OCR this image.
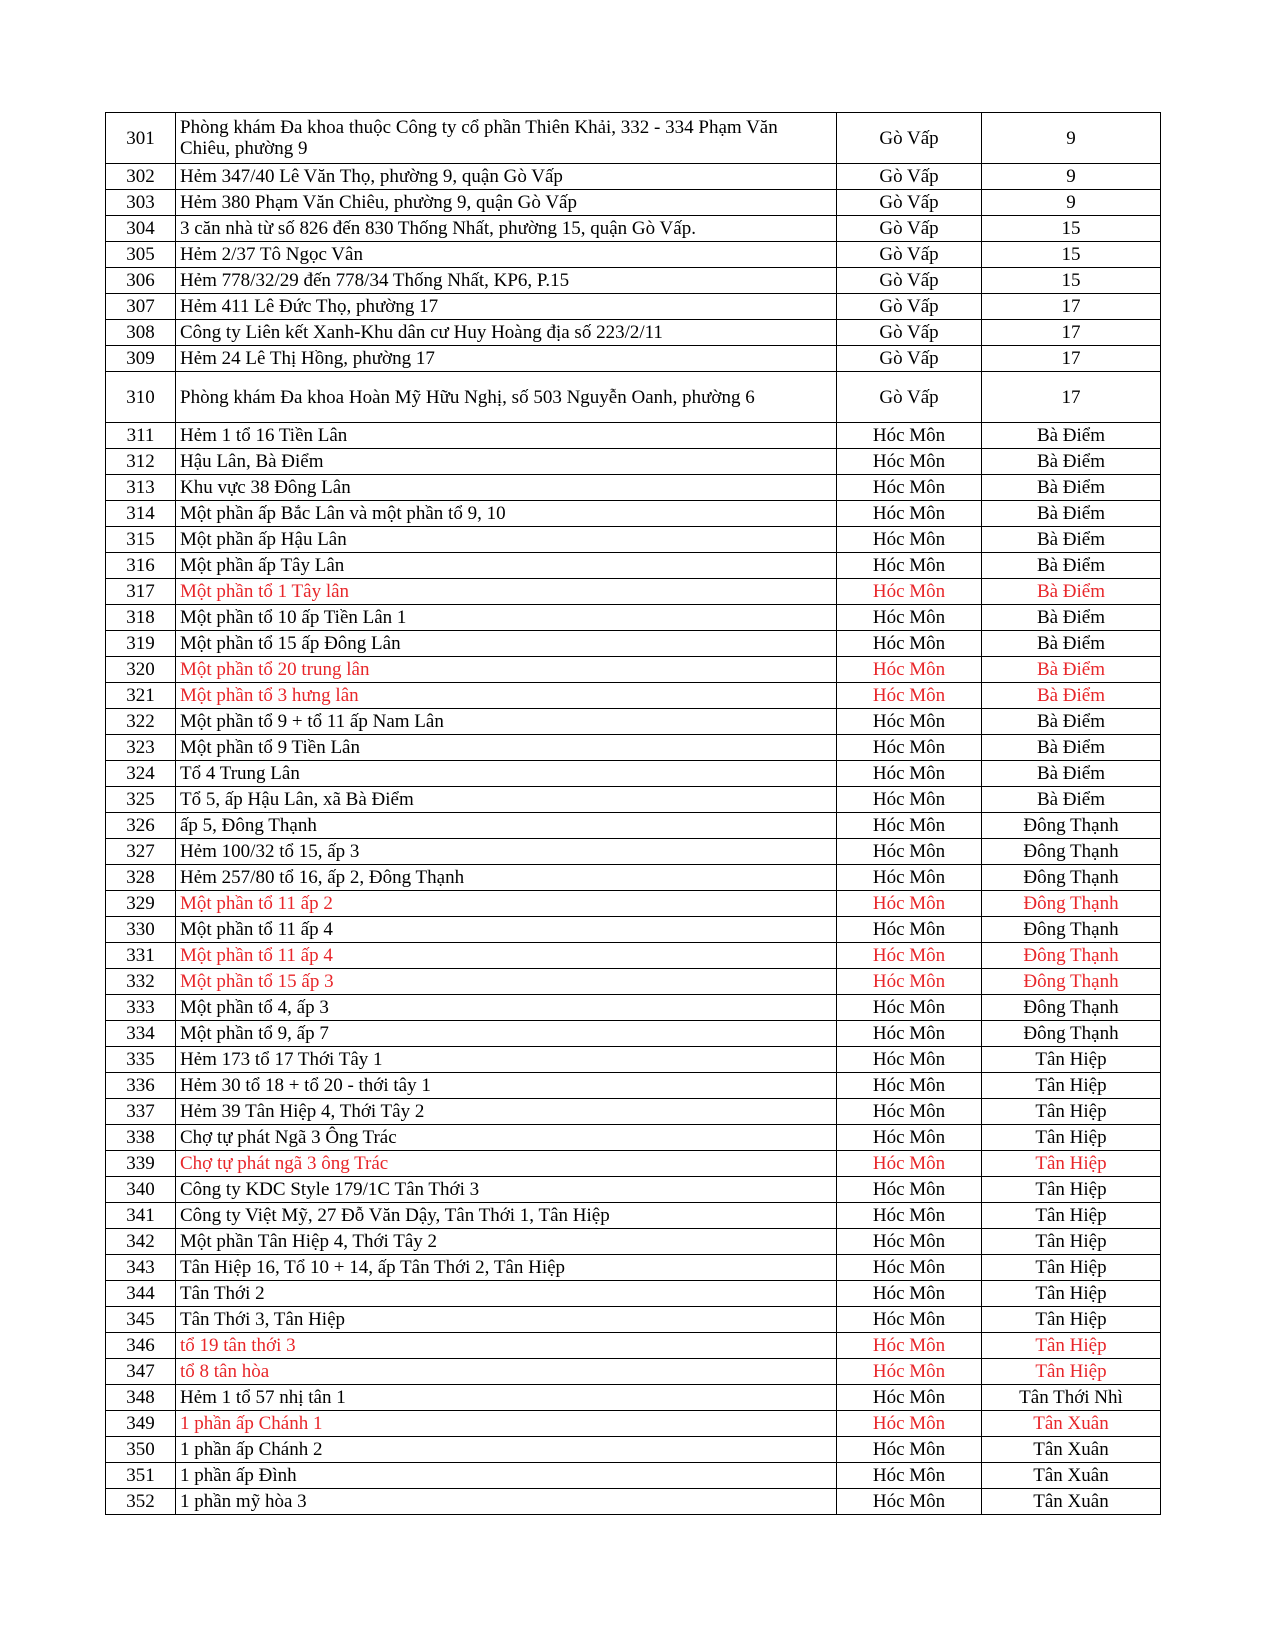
301	Phòng khám Đa khoa thuộc Công ty cổ phần Thiên Khải, 332 - 334 Phạm Văn Chiêu, phường 9	Gò Vấp	9
302	Hẻm 347/40 Lê Văn Thọ, phường 9, quận Gò Vấp	Gò Vấp	9
303	Hẻm 380 Phạm Văn Chiêu, phường 9, quận Gò Vấp	Gò Vấp	9
304	3 căn nhà từ số 826 đến 830 Thống Nhất, phường 15, quận Gò Vấp.	Gò Vấp	15
305	Hẻm 2/37 Tô Ngọc Vân	Gò Vấp	15
306	Hẻm 778/32/29 đến 778/34 Thống Nhất, KP6, P.15	Gò Vấp	15
307	Hẻm 411 Lê Đức Thọ, phường 17	Gò Vấp	17
308	Công ty Liên kết Xanh-Khu dân cư Huy Hoàng địa số 223/2/11	Gò Vấp	17
309	Hẻm 24 Lê Thị Hồng, phường 17	Gò Vấp	17
310	Phòng khám Đa khoa Hoàn Mỹ Hữu Nghị, số 503 Nguyễn Oanh, phường 6	Gò Vấp	17
311	Hẻm 1 tổ 16 Tiền Lân	Hóc Môn	Bà Điểm
312	Hậu Lân, Bà Điểm	Hóc Môn	Bà Điểm
313	Khu vực 38 Đông Lân	Hóc Môn	Bà Điểm
314	Một phần ấp Bắc Lân và một phần tổ 9, 10	Hóc Môn	Bà Điểm
315	Một phần ấp Hậu Lân	Hóc Môn	Bà Điểm
316	Một phần ấp Tây Lân	Hóc Môn	Bà Điểm
317	Một phần tổ 1 Tây lân	Hóc Môn	Bà Điểm
318	Một phần tổ 10 ấp Tiền Lân 1	Hóc Môn	Bà Điểm
319	Một phần tổ 15 ấp Đông Lân	Hóc Môn	Bà Điểm
320	Một phần tổ 20 trung lân	Hóc Môn	Bà Điểm
321	Một phần tổ 3 hưng lân	Hóc Môn	Bà Điểm
322	Một phần tổ 9 + tổ 11 ấp Nam Lân	Hóc Môn	Bà Điểm
323	Một phần tổ 9 Tiền Lân	Hóc Môn	Bà Điểm
324	Tổ 4 Trung Lân	Hóc Môn	Bà Điểm
325	Tổ 5, ấp Hậu Lân, xã Bà Điểm	Hóc Môn	Bà Điểm
326	ấp 5, Đông Thạnh	Hóc Môn	Đông Thạnh
327	Hẻm 100/32 tổ 15, ấp 3	Hóc Môn	Đông Thạnh
328	Hẻm 257/80 tổ 16, ấp 2, Đông Thạnh	Hóc Môn	Đông Thạnh
329	Một phần tổ 11 ấp 2	Hóc Môn	Đông Thạnh
330	Một phần tổ 11 ấp 4	Hóc Môn	Đông Thạnh
331	Một phần tổ 11 ấp 4	Hóc Môn	Đông Thạnh
332	Một phần tổ 15 ấp 3	Hóc Môn	Đông Thạnh
333	Một phần tổ 4, ấp 3	Hóc Môn	Đông Thạnh
334	Một phần tổ 9, ấp 7	Hóc Môn	Đông Thạnh
335	Hẻm 173 tổ 17 Thới Tây 1	Hóc Môn	Tân Hiệp
336	Hẻm 30 tổ 18 + tổ 20 - thới tây 1	Hóc Môn	Tân Hiệp
337	Hẻm 39 Tân Hiệp 4, Thới Tây 2	Hóc Môn	Tân Hiệp
338	Chợ tự phát Ngã 3 Ông Trác	Hóc Môn	Tân Hiệp
339	Chợ tự phát ngã 3 ông Trác	Hóc Môn	Tân Hiệp
340	Công ty KDC Style 179/1C Tân Thới 3	Hóc Môn	Tân Hiệp
341	Công ty Việt Mỹ, 27 Đỗ Văn Dậy, Tân Thới 1, Tân Hiệp	Hóc Môn	Tân Hiệp
342	Một phần Tân Hiệp 4, Thới Tây 2	Hóc Môn	Tân Hiệp
343	Tân Hiệp 16, Tổ 10 + 14, ấp Tân Thới 2, Tân Hiệp	Hóc Môn	Tân Hiệp
344	Tân Thới 2	Hóc Môn	Tân Hiệp
345	Tân Thới 3, Tân Hiệp	Hóc Môn	Tân Hiệp
346	tổ 19 tân thới 3	Hóc Môn	Tân Hiệp
347	tổ 8 tân hòa	Hóc Môn	Tân Hiệp
348	Hẻm 1 tổ 57 nhị tân 1	Hóc Môn	Tân Thới Nhì
349	1 phần ấp Chánh 1	Hóc Môn	Tân Xuân
350	1 phần ấp Chánh 2	Hóc Môn	Tân Xuân
351	1 phần ấp Đình	Hóc Môn	Tân Xuân
352	1 phần mỹ hòa 3	Hóc Môn	Tân Xuân
